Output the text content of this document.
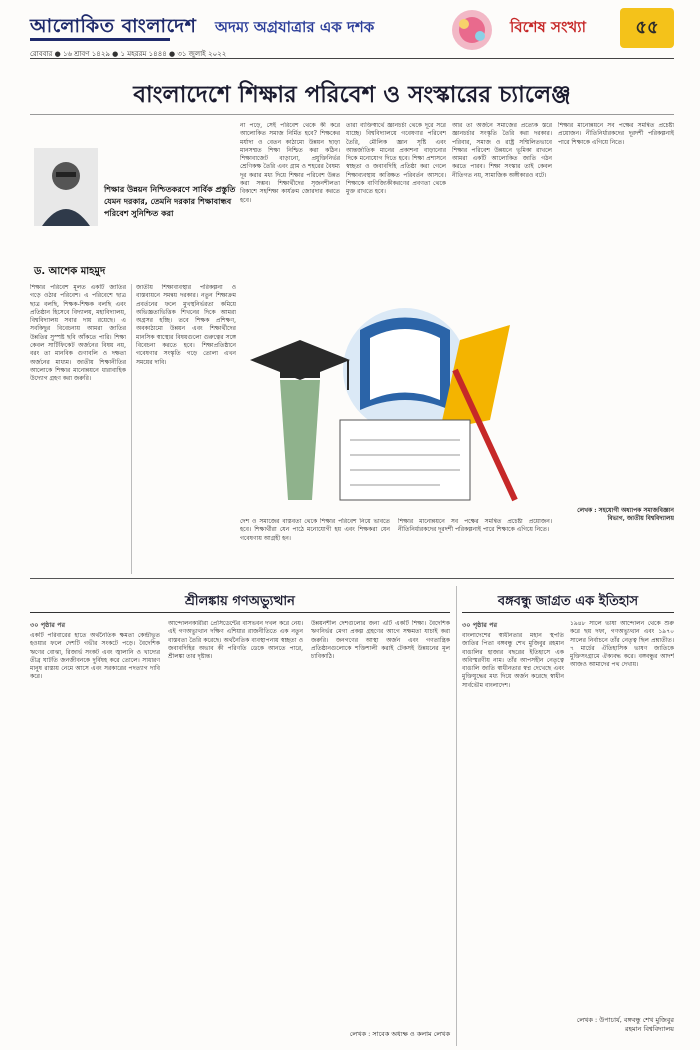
আলোকিত বাংলাদেশ অদম্য অগ্রযাত্রার এক দশক	বিশেষ সংখ্যা	৫৫
রোববার ● ১৬ শ্রাবণ ১৪২৯ ● ১ মহররম ১৪৪৪ ● ৩১ জুলাই ২০২২
বাংলাদেশে শিক্ষার পরিবেশ ও সংস্কারের চ্যালেঞ্জ
শিক্ষার উন্নয়ন নিশ্চিতকরণে সার্বিক প্রস্তুতি যেমন দরকার, তেমনি দরকার শিক্ষাবান্ধব পরিবেশ সুনিশ্চিত করা
ড. আশেক মাহমুদ

শিক্ষার পরিবেশ মূলত একটি জাতির গড়ে ওঠার পরিবেশ। এ পরিবেশে ছাত্র ছাত্র বলছি, শিক্ষক-শিক্ষক বলছি এবং প্রতিষ্ঠান হিসেবে বিদ্যালয়, মহাবিদ্যালয়, বিশ্ববিদ্যালয় সবার দায় রয়েছে। এ সবকিছুর বিবেচনায় আমরা জাতির উন্নতির সুস্পষ্ট ছবি আঁকতে পারি। শিক্ষা কেবল সার্টিফিকেট অর্জনের বিষয় নয়, বরং তা মানবিক গুণাবলি ও দক্ষতা অর্জনের মাধ্যম। জাতীয় শিক্ষানীতির আলোকে শিক্ষার মানোন্নয়নে ধারাবাহিক উদ্যোগ গ্রহণ করা জরুরি।

জাতীয় শিক্ষাব্যবস্থার পরিকল্পনা ও বাস্তবায়নে সমন্বয় দরকার। নতুন শিক্ষাক্রম প্রবর্তনের ফলে মুখস্থনির্ভরতা কমিয়ে অভিজ্ঞতাভিত্তিক শিখনের দিকে আমরা অগ্রসর হচ্ছি। তবে শিক্ষক প্রশিক্ষণ, অবকাঠামো উন্নয়ন এবং শিক্ষার্থীদের মানসিক স্বাস্থ্যের বিষয়গুলো গুরুত্বের সঙ্গে বিবেচনা করতে হবে। শিক্ষাপ্রতিষ্ঠানে গবেষণার সংস্কৃতি গড়ে তোলা এখন সময়ের দাবি।

না পড়ে, সেই পরিবেশ থেকে কী করে আলোকিত সমাজ নির্মিত হবে? শিক্ষকের মর্যাদা ও বেতন কাঠামো উন্নয়ন ছাড়া মানসম্মত শিক্ষা নিশ্চিত করা কঠিন। শিক্ষাবাজেট বাড়ানো, প্রযুক্তিনির্ভর শ্রেণিকক্ষ তৈরি এবং গ্রাম ও শহরের বৈষম্য দূর করার মধ্য দিয়ে শিক্ষার পরিবেশ উন্নত করা সম্ভব। শিক্ষার্থীদের সৃজনশীলতা বিকাশে সহশিক্ষা কার্যক্রম জোরদার করতে হবে।

তারা ব্যক্তিস্বার্থে জ্ঞানচর্চা থেকে দূরে সরে যাচ্ছে। বিশ্ববিদ্যালয়ে গবেষণার পরিবেশ তৈরি, মৌলিক জ্ঞান সৃষ্টি এবং আন্তর্জাতিক মানের প্রকাশনা বাড়ানোর দিকে মনোযোগ দিতে হবে। শিক্ষা প্রশাসনে স্বচ্ছতা ও জবাবদিহি প্রতিষ্ঠা করা গেলে শিক্ষাব্যবস্থায় কাঙ্ক্ষিত পরিবর্তন আসবে। শিক্ষাকে বাণিজ্যিকীকরণের প্রবণতা থেকে মুক্ত রাখতে হবে।

আর তা অর্জনে সমাজের প্রত্যেক স্তরে জ্ঞানচর্চার সংস্কৃতি তৈরি করা দরকার। পরিবার, সমাজ ও রাষ্ট্র সম্মিলিতভাবে শিক্ষার পরিবেশ উন্নয়নে ভূমিকা রাখলে আমরা একটি আলোকিত জাতি গঠন করতে পারব। শিক্ষা সংস্কার তাই কেবল নীতিগত নয়, সামাজিক অঙ্গীকারও বটে।

শিক্ষার মানোন্নয়নে সব পক্ষের সমন্বিত প্রচেষ্টা প্রয়োজন। নীতিনির্ধারকদের দূরদর্শী পরিকল্পনাই পারে শিক্ষাকে এগিয়ে নিতে।

লেখক : সহযোগী অধ্যাপক সমাজবিজ্ঞান বিভাগ, জাতীয় বিশ্ববিদ্যালয়

দেশ ও সমাজের বাস্তবতা থেকে শিক্ষার পরিবেশ নিয়ে ভাবতে হবে। শিক্ষার্থীরা যেন পাঠে মনোযোগী হয় এবং শিক্ষকরা যেন গবেষণায় আগ্রহী হন।

শিক্ষার মানোন্নয়নে সব পক্ষের সমন্বিত প্রচেষ্টা প্রয়োজন। নীতিনির্ধারকদের দূরদর্শী পরিকল্পনাই পারে শিক্ষাকে এগিয়ে নিতে।

শ্রীলঙ্কায় গণঅভ্যুত্থান
৩০ পৃষ্ঠার পর

একটি পরিবারের হাতে অর্থনৈতিক ক্ষমতা কেন্দ্রীভূত হওয়ার ফলে দেশটি গভীর সংকটে পড়ে। বৈদেশিক ঋণের বোঝা, রিজার্ভ সংকট এবং জ্বালানি ও খাদ্যের তীব্র ঘাটতি জনজীবনকে দুর্বিষহ করে তোলে। সাধারণ মানুষ রাস্তায় নেমে আসে এবং সরকারের পদত্যাগ দাবি করে।

আন্দোলনকারীরা প্রেসিডেন্টের বাসভবন দখল করে নেয়। এই গণঅভ্যুত্থান দক্ষিণ এশিয়ার রাজনীতিতে এক নতুন বাস্তবতা তৈরি করেছে। অর্থনৈতিক ব্যবস্থাপনায় স্বচ্ছতা ও জবাবদিহির অভাব কী পরিণতি ডেকে আনতে পারে, শ্রীলঙ্কা তার দৃষ্টান্ত।

উন্নয়নশীল দেশগুলোর জন্য এটি একটি শিক্ষা। বৈদেশিক ঋণনির্ভর মেগা প্রকল্প গ্রহণের আগে সক্ষমতা যাচাই করা জরুরি। জনগণের আস্থা অর্জন এবং গণতান্ত্রিক প্রতিষ্ঠানগুলোকে শক্তিশালী করাই টেকসই উন্নয়নের মূল চাবিকাঠি।

লেখক : সাবেক অধ্যক্ষ ও কলাম লেখক
বঙ্গবন্ধু জাগ্রত এক ইতিহাস
৩০ পৃষ্ঠার পর

বাংলাদেশের স্বাধীনতার মহান স্থপতি জাতির পিতা বঙ্গবন্ধু শেখ মুজিবুর রহমান বাঙালির হাজার বছরের ইতিহাসে এক অবিস্মরণীয় নাম। তাঁর আপসহীন নেতৃত্বে বাঙালি জাতি স্বাধীনতার স্বপ্ন দেখেছে এবং মুক্তিযুদ্ধের মধ্য দিয়ে অর্জন করেছে স্বাধীন সার্বভৌম বাংলাদেশ।

১৯৪৮ সালে ভাষা আন্দোলন থেকে শুরু করে ছয় দফা, গণঅভ্যুত্থান এবং ১৯৭০ সালের নির্বাচনে তাঁর নেতৃত্ব ছিল প্রশ্নাতীত। ৭ মার্চের ঐতিহাসিক ভাষণ জাতিকে মুক্তিসংগ্রামে ঐক্যবদ্ধ করে। বঙ্গবন্ধুর আদর্শ আজও আমাদের পথ দেখায়।

লেখক : উপাচার্য, বঙ্গবন্ধু শেখ মুজিবুর রহমান বিশ্ববিদ্যালয়
